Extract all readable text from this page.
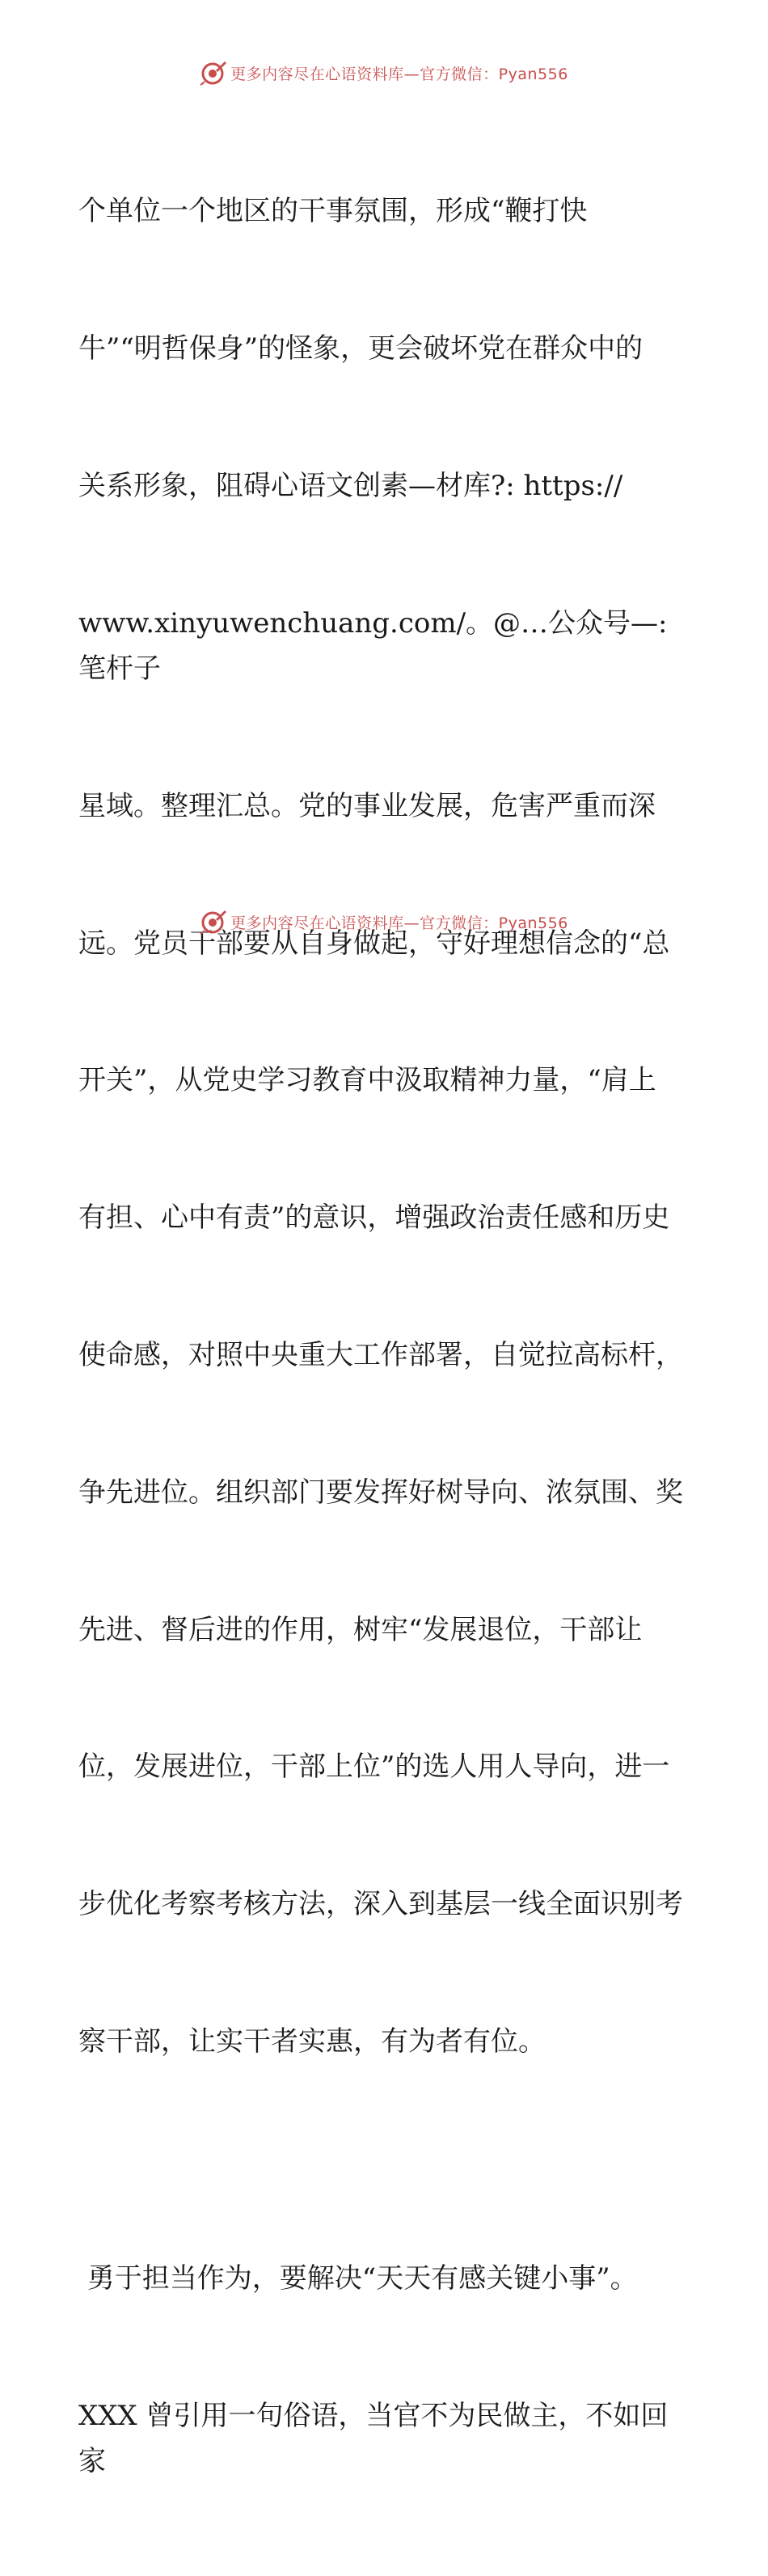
更多内容尽在心语资料库—官方微信：Pyan556

个单位一个地区的干事氛围，形成“鞭打快

牛”“明哲保身”的怪象，更会破坏党在群众中的

关系形象，阻碍心语文创素—材库?: https://

www.xinyuwenchuang.com/。@…公众号—: 笔杆子

星域。整理汇总。党的事业发展，危害严重而深

远。党员干部要从自身做起，守好理想信念的“总

开关”，从党史学习教育中汲取精神力量，“肩上

有担、心中有责”的意识，增强政治责任感和历史

使命感，对照中央重大工作部署，自觉拉高标杆，

争先进位。组织部门要发挥好树导向、浓氛围、奖

先进、督后进的作用，树牢“发展退位，干部让

位，发展进位，干部上位”的选人用人导向，进一

步优化考察考核方法，深入到基层一线全面识别考

察干部，让实干者实惠，有为者有位。

勇于担当作为，要解决“天天有感关键小事”。

XXX 曾引用一句俗语，当官不为民做主，不如回家

更多内容尽在心语资料库—官方微信：Pyan556
